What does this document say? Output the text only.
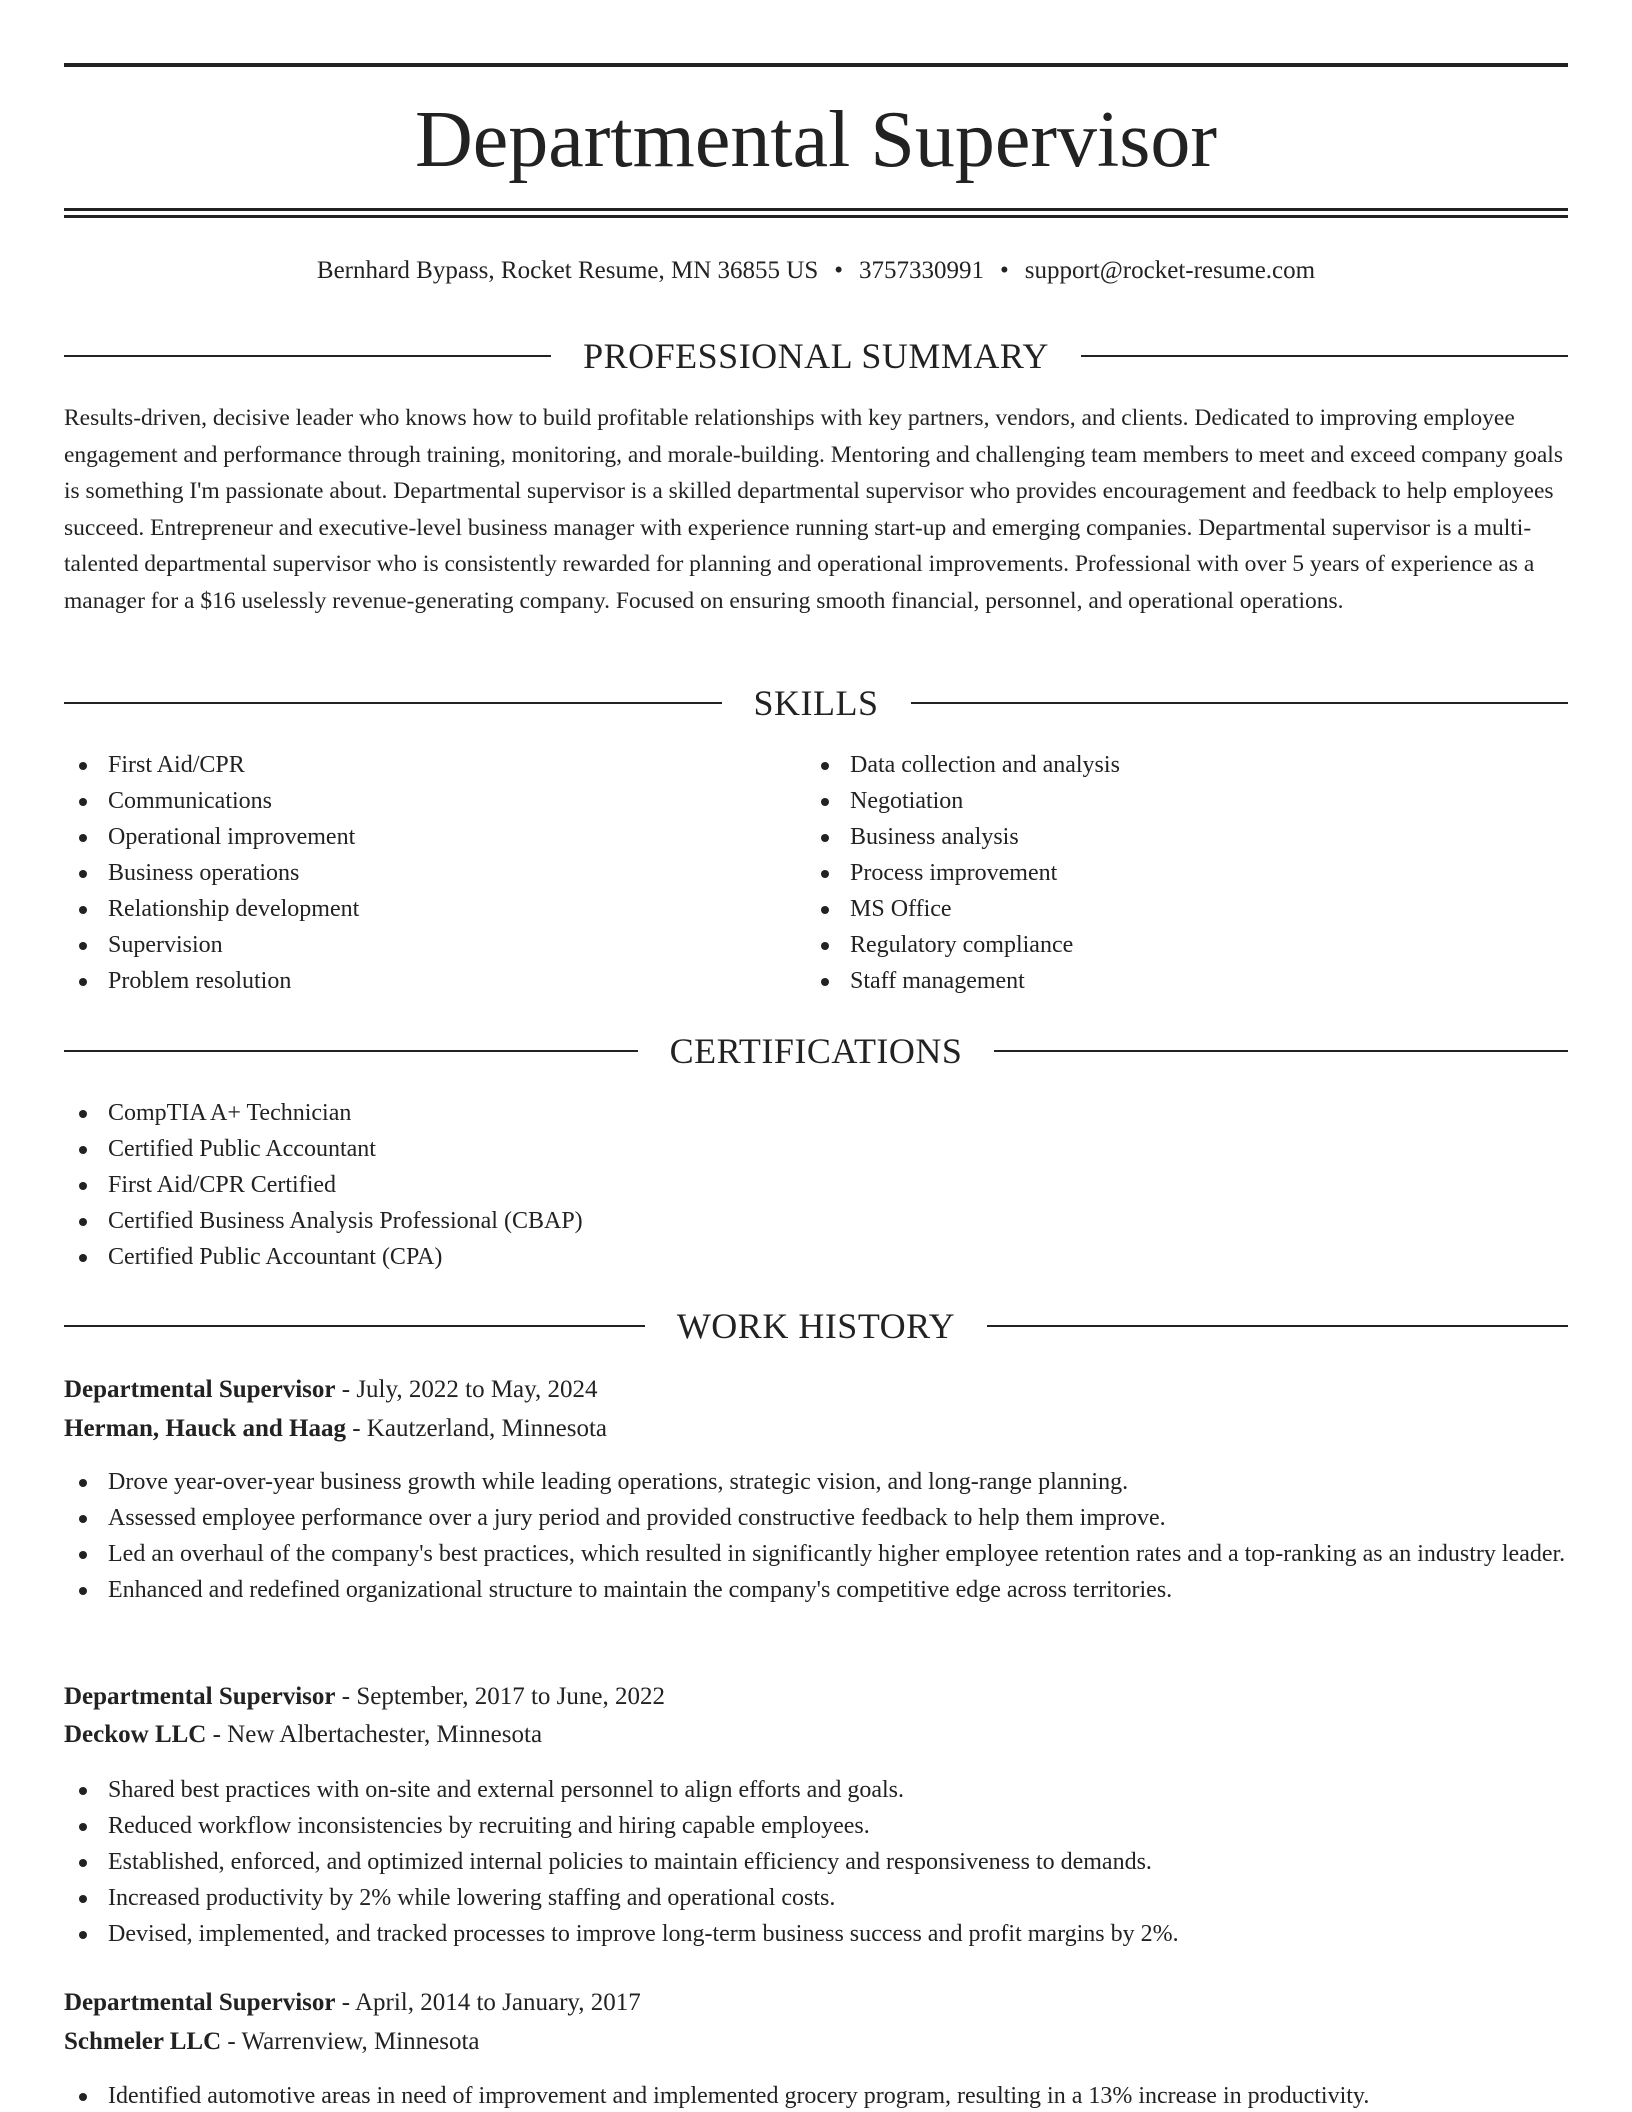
Departmental Supervisor
Bernhard Bypass, Rocket Resume, MN 36855 US • 3757330991 • support@rocket-resume.com
PROFESSIONAL SUMMARY

Results-driven, decisive leader who knows how to build profitable relationships with key partners, vendors, and clients. Dedicated to improving employee engagement and performance through training, monitoring, and morale-building. Mentoring and challenging team members to meet and exceed company goals is something I'm passionate about. Departmental supervisor is a skilled departmental supervisor who provides encouragement and feedback to help employees succeed. Entrepreneur and executive-level business manager with experience running start-up and emerging companies. Departmental supervisor is a multi-talented departmental supervisor who is consistently rewarded for planning and operational improvements. Professional with over 5 years of experience as a manager for a $16 uselessly revenue-generating company. Focused on ensuring smooth financial, personnel, and operational operations.

SKILLS
First Aid/CPR
Communications
Operational improvement
Business operations
Relationship development
Supervision
Problem resolution
Data collection and analysis
Negotiation
Business analysis
Process improvement
MS Office
Regulatory compliance
Staff management
CERTIFICATIONS
CompTIA A+ Technician
Certified Public Accountant
First Aid/CPR Certified
Certified Business Analysis Professional (CBAP)
Certified Public Accountant (CPA)
WORK HISTORY
Departmental Supervisor - July, 2022 to May, 2024
Herman, Hauck and Haag - Kautzerland, Minnesota
Drove year-over-year business growth while leading operations, strategic vision, and long-range planning.
Assessed employee performance over a jury period and provided constructive feedback to help them improve.
Led an overhaul of the company's best practices, which resulted in significantly higher employee retention rates and a top-ranking as an industry leader.
Enhanced and redefined organizational structure to maintain the company's competitive edge across territories.
Departmental Supervisor - September, 2017 to June, 2022
Deckow LLC - New Albertachester, Minnesota
Shared best practices with on-site and external personnel to align efforts and goals.
Reduced workflow inconsistencies by recruiting and hiring capable employees.
Established, enforced, and optimized internal policies to maintain efficiency and responsiveness to demands.
Increased productivity by 2% while lowering staffing and operational costs.
Devised, implemented, and tracked processes to improve long-term business success and profit margins by 2%.
Departmental Supervisor - April, 2014 to January, 2017
Schmeler LLC - Warrenview, Minnesota
Identified automotive areas in need of improvement and implemented grocery program, resulting in a 13% increase in productivity.
